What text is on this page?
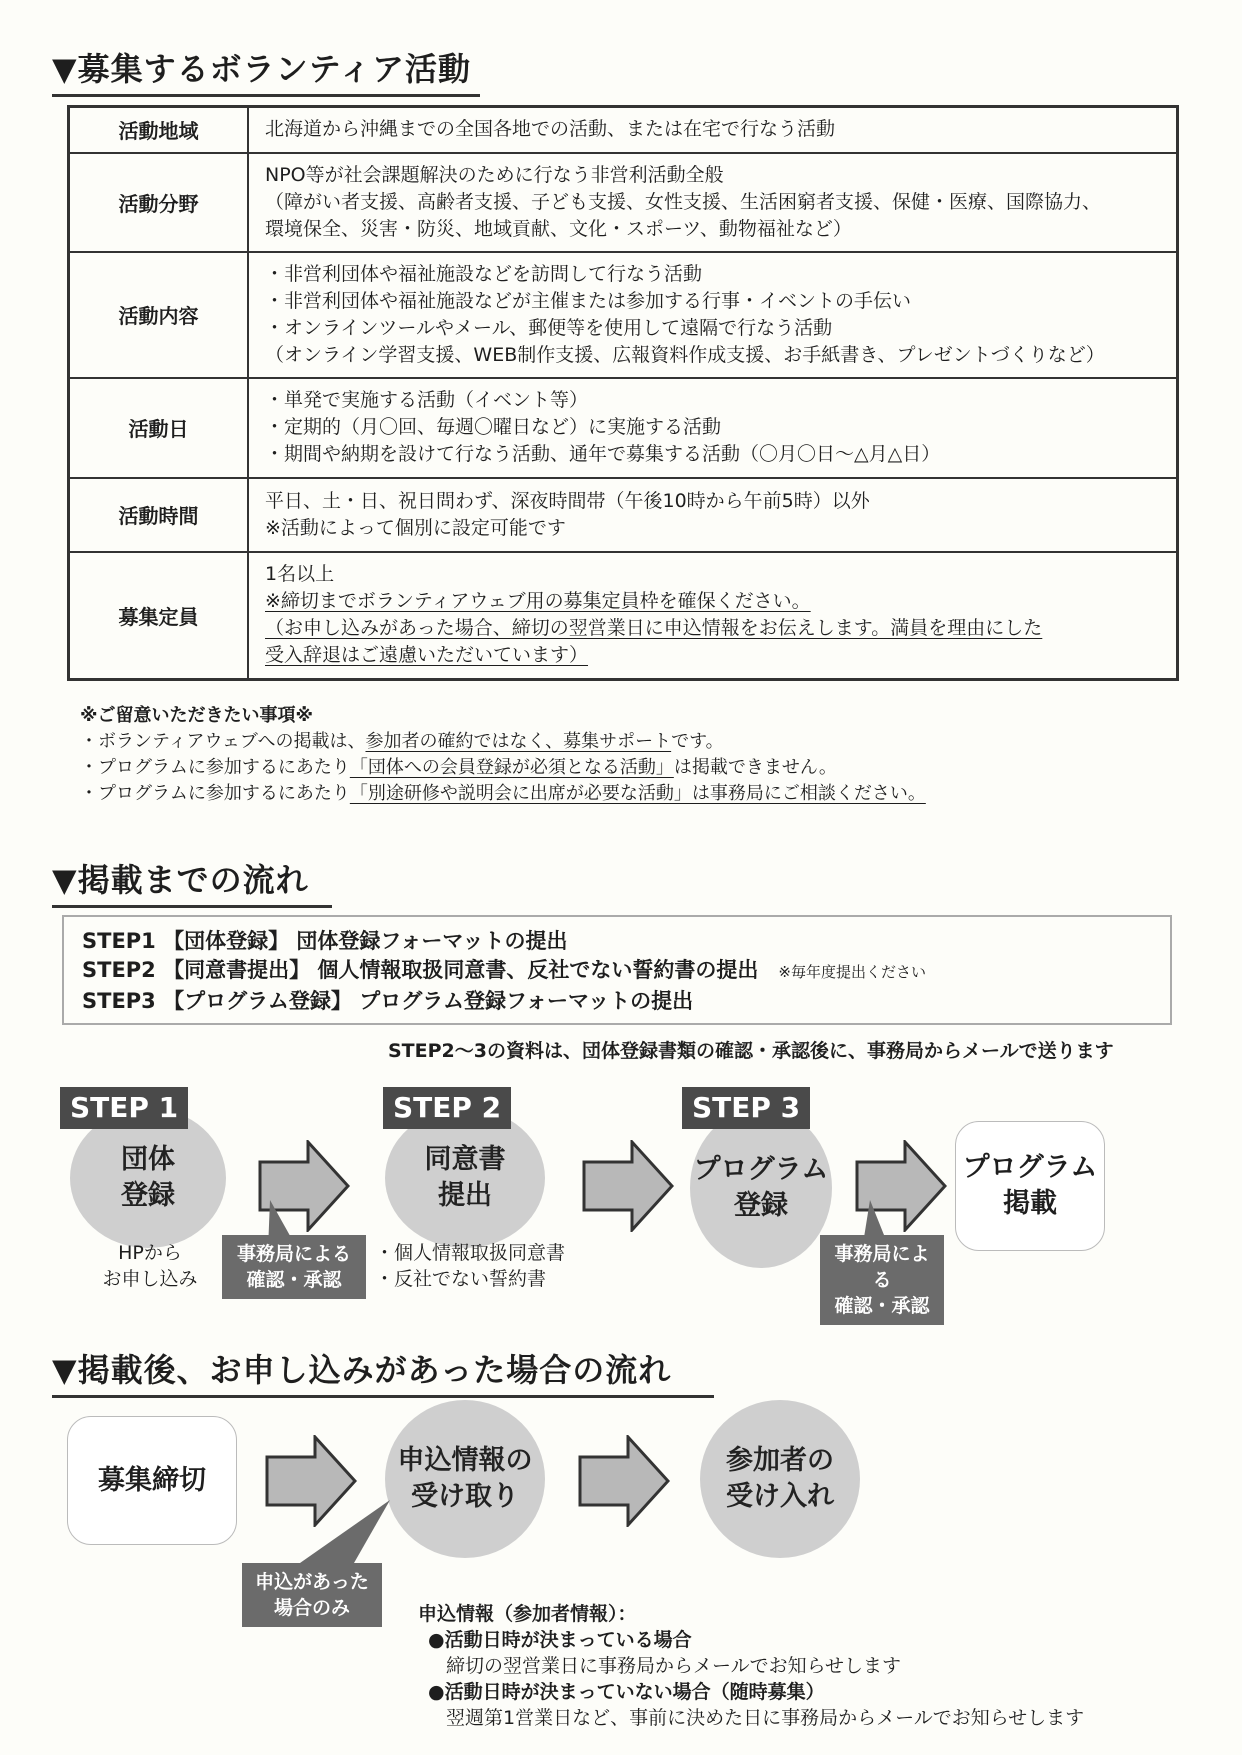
▼募集するボランティア活動
活動地域	北海道から沖縄までの全国各地での活動、または在宅で行なう活動

活動分野	NPO等が社会課題解決のために行なう非営利活動全般
（障がい者支援、高齢者支援、子ども支援、女性支援、生活困窮者支援、保健・医療、国際協力、
環境保全、災害・防災、地域貢献、文化・スポーツ、動物福祉など）

活動内容	・非営利団体や福祉施設などを訪問して行なう活動
・非営利団体や福祉施設などが主催または参加する行事・イベントの手伝い
・オンラインツールやメール、郵便等を使用して遠隔で行なう活動
（オンライン学習支援、WEB制作支援、広報資料作成支援、お手紙書き、プレゼントづくりなど）

活動日	・単発で実施する活動（イベント等）
・定期的（月〇回、毎週〇曜日など）に実施する活動
・期間や納期を設けて行なう活動、通年で募集する活動（〇月〇日～△月△日）

活動時間	平日、土・日、祝日問わず、深夜時間帯（午後10時から午前5時）以外
※活動によって個別に設定可能です

募集定員	1名以上
※締切までボランティアウェブ用の募集定員枠を確保ください。
（お申し込みがあった場合、締切の翌営業日に申込情報をお伝えします。満員を理由にした
受入辞退はご遠慮いただいています）
※ご留意いただきたい事項※
・ボランティアウェブへの掲載は、参加者の確約ではなく、募集サポートです。
・プログラムに参加するにあたり「団体への会員登録が必須となる活動」は掲載できません。
・プログラムに参加するにあたり「別途研修や説明会に出席が必要な活動」は事務局にご相談ください。
▼掲載までの流れ
STEP1 【団体登録】 団体登録フォーマットの提出
STEP2 【同意書提出】 個人情報取扱同意書、反社でない誓約書の提出 ※毎年度提出ください
STEP3 【プログラム登録】 プログラム登録フォーマットの提出
STEP2～3の資料は、団体登録書類の確認・承認後に、事務局からメールで送ります
団体
登録
STEP 1
HPから
お申し込み
事務局による
確認・承認
同意書
提出
STEP 2
・個人情報取扱同意書
・反社でない誓約書
プログラム
登録
STEP 3
事務局による
確認・承認
プログラム
掲載
▼掲載後、お申し込みがあった場合の流れ
募集締切
申込情報の
受け取り
申込があった
場合のみ
参加者の
受け入れ
申込情報（参加者情報）：
●活動日時が決まっている場合
締切の翌営業日に事務局からメールでお知らせします
●活動日時が決まっていない場合（随時募集）
翌週第1営業日など、事前に決めた日に事務局からメールでお知らせします
